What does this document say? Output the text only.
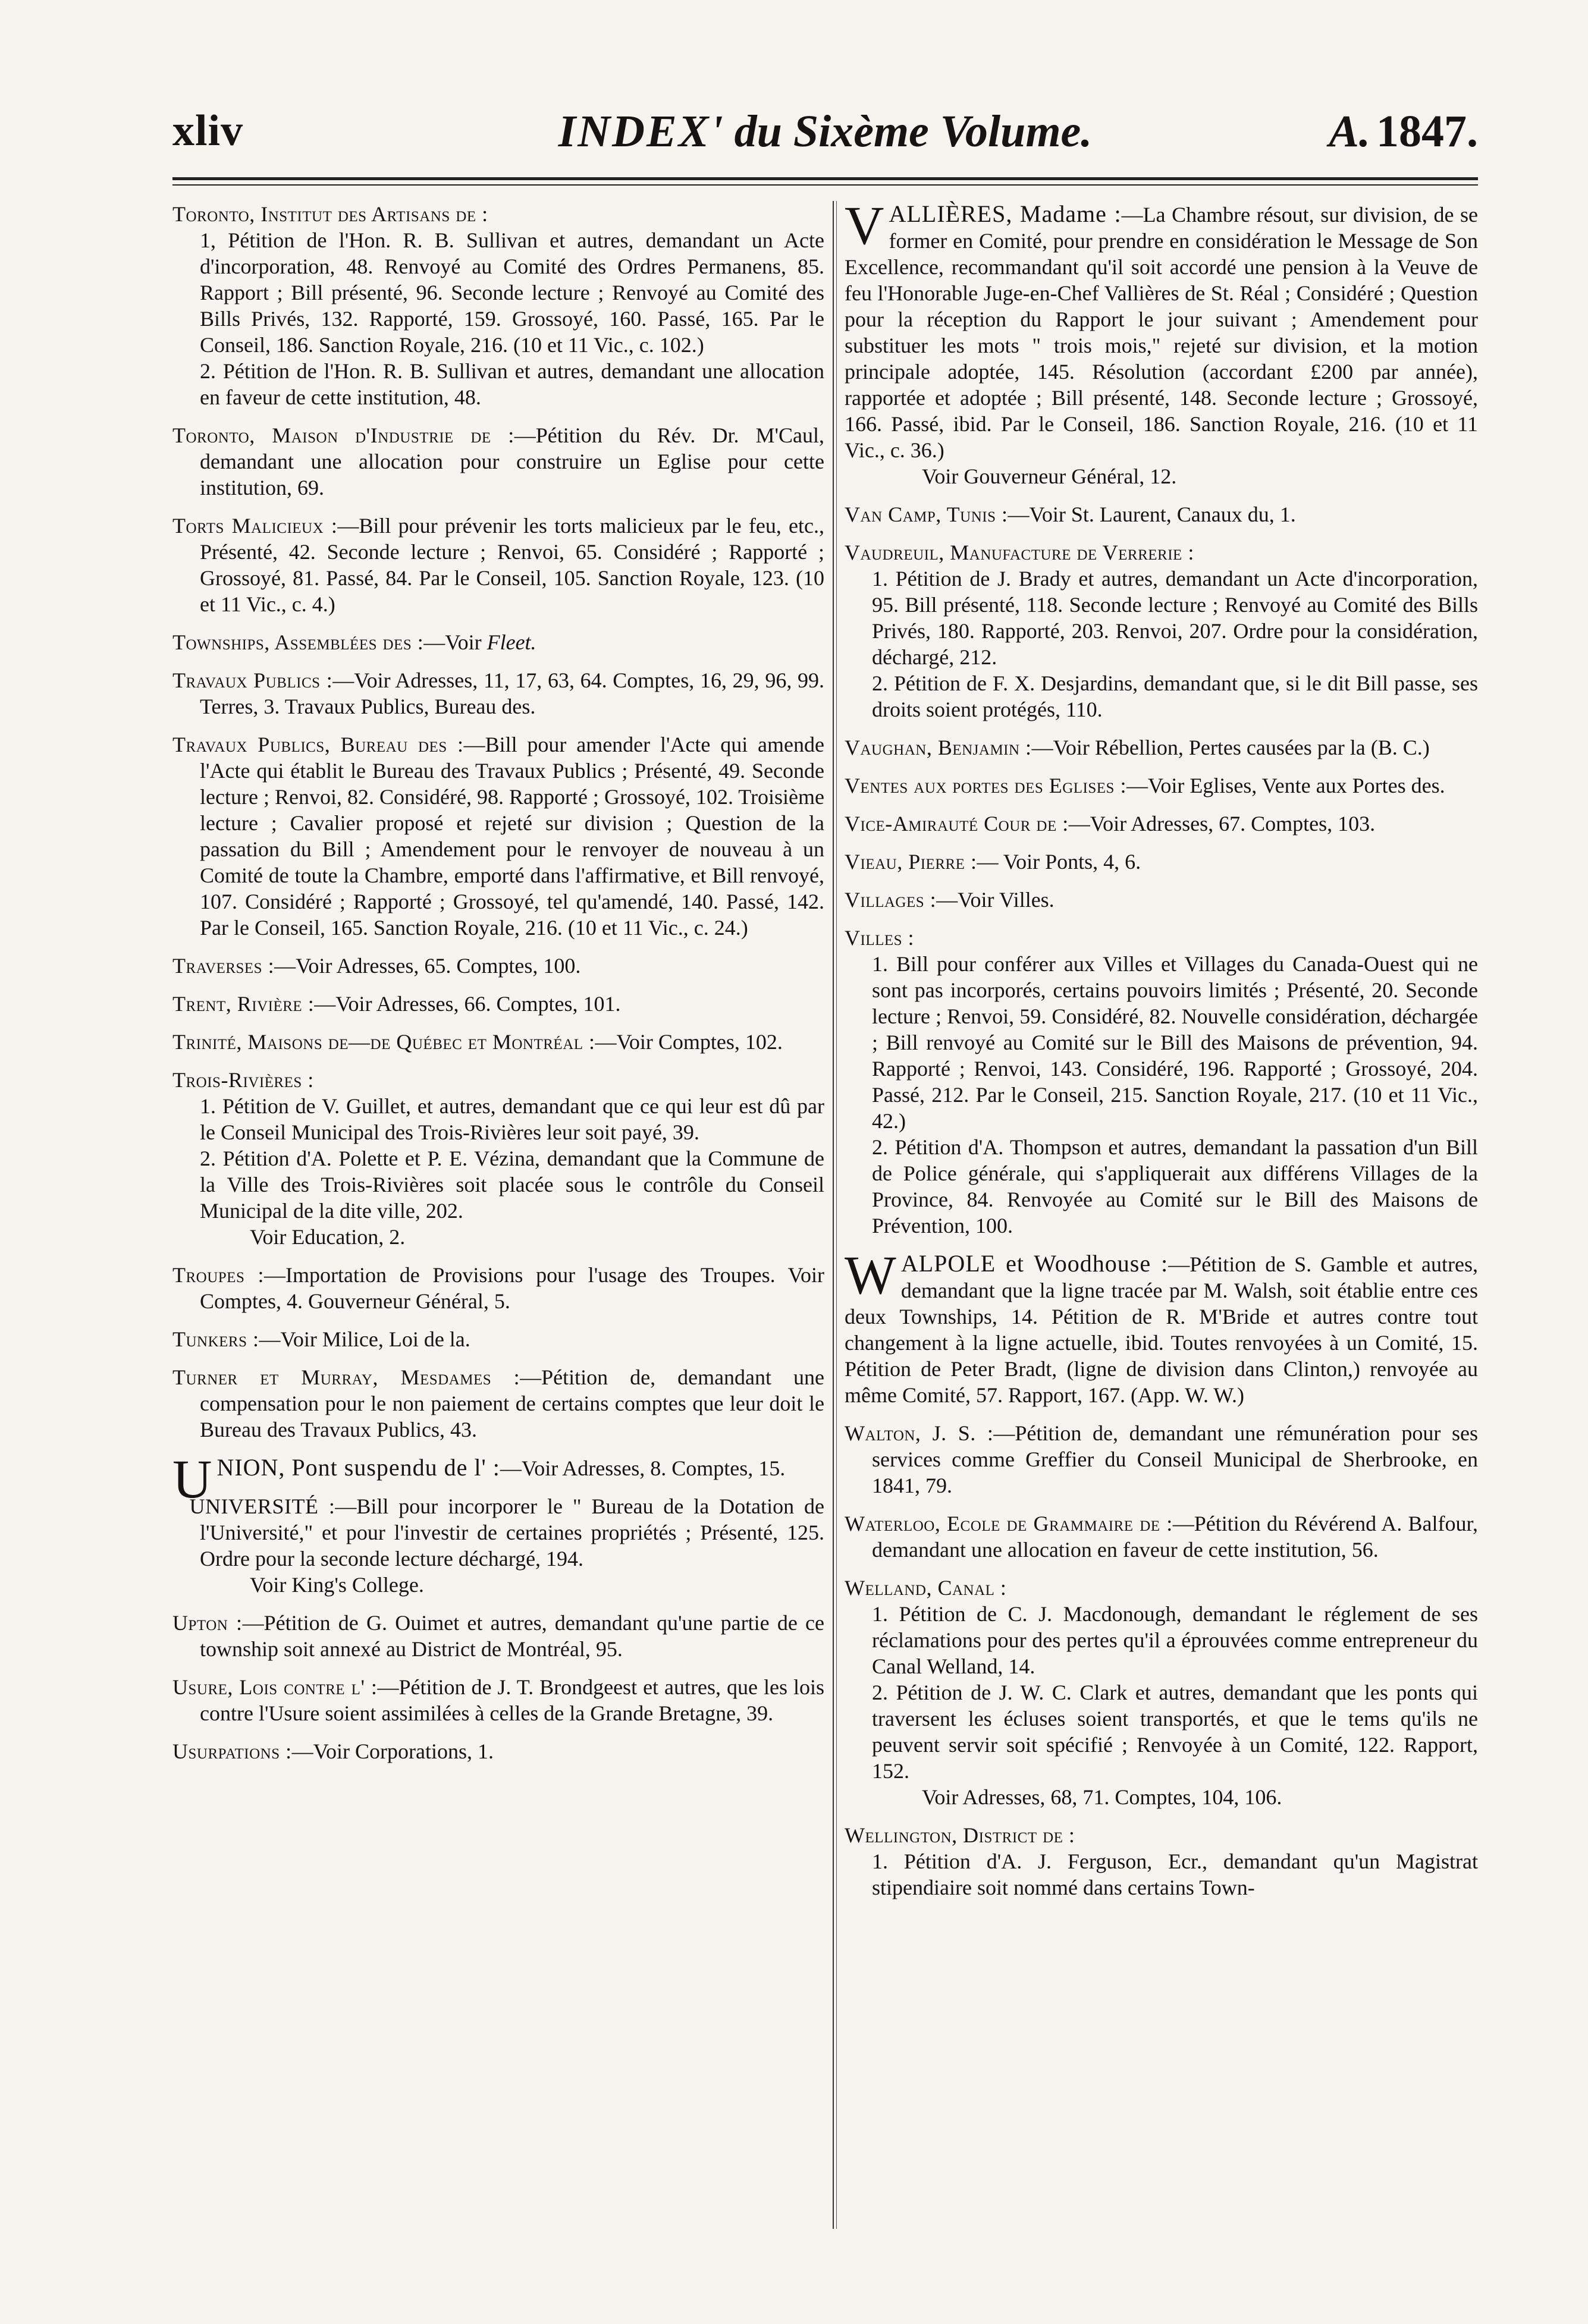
xliv	INDEX' du Sixème Volume.	A. 1847.

Toronto, Institut des Artisans de :

1, Pétition de l'Hon. R. B. Sullivan et autres, demandant un Acte d'incorporation, 48. Renvoyé au Comité des Ordres Permanens, 85. Rapport ; Bill présenté, 96. Seconde lecture ; Renvoyé au Comité des Bills Privés, 132. Rapporté, 159. Grossoyé, 160. Passé, 165. Par le Conseil, 186. Sanction Royale, 216. (10 et 11 Vic., c. 102.)

2. Pétition de l'Hon. R. B. Sullivan et autres, demandant une allocation en faveur de cette institution, 48.

Toronto, Maison d'Industrie de :—Pétition du Rév. Dr. M'Caul, demandant une allocation pour construire un Eglise pour cette institution, 69.

Torts Malicieux :—Bill pour prévenir les torts malicieux par le feu, etc., Présenté, 42. Seconde lecture ; Renvoi, 65. Considéré ; Rapporté ; Grossoyé, 81. Passé, 84. Par le Conseil, 105. Sanction Royale, 123. (10 et 11 Vic., c. 4.)

Townships, Assemblées des :—Voir Fleet.

Travaux Publics :—Voir Adresses, 11, 17, 63, 64. Comptes, 16, 29, 96, 99. Terres, 3. Travaux Publics, Bureau des.

Travaux Publics, Bureau des :—Bill pour amender l'Acte qui amende l'Acte qui établit le Bureau des Travaux Publics ; Présenté, 49. Seconde lecture ; Renvoi, 82. Considéré, 98. Rapporté ; Grossoyé, 102. Troisième lecture ; Cavalier proposé et rejeté sur division ; Question de la passation du Bill ; Amendement pour le renvoyer de nouveau à un Comité de toute la Chambre, emporté dans l'affirmative, et Bill renvoyé, 107. Considéré ; Rapporté ; Grossoyé, tel qu'amendé, 140. Passé, 142. Par le Conseil, 165. Sanction Royale, 216. (10 et 11 Vic., c. 24.)

Traverses :—Voir Adresses, 65. Comptes, 100.

Trent, Rivière :—Voir Adresses, 66. Comptes, 101.

Trinité, Maisons de—de Québec et Montréal :—Voir Comptes, 102.

Trois-Rivières :

1. Pétition de V. Guillet, et autres, demandant que ce qui leur est dû par le Conseil Municipal des Trois-Rivières leur soit payé, 39.

2. Pétition d'A. Polette et P. E. Vézina, demandant que la Commune de la Ville des Trois-Rivières soit placée sous le contrôle du Conseil Municipal de la dite ville, 202.

Voir Education, 2.

Troupes :—Importation de Provisions pour l'usage des Troupes. Voir Comptes, 4. Gouverneur Général, 5.

Tunkers :—Voir Milice, Loi de la.

Turner et Murray, Mesdames :—Pétition de, demandant une compensation pour le non paiement de certains comptes que leur doit le Bureau des Travaux Publics, 43.

UNION, Pont suspendu de l' :—Voir Adresses, 8. Comptes, 15.

UNIVERSITÉ :—Bill pour incorporer le " Bureau de la Dotation de l'Université," et pour l'investir de certaines propriétés ; Présenté, 125. Ordre pour la seconde lecture déchargé, 194.

Voir King's College.

Upton :—Pétition de G. Ouimet et autres, demandant qu'une partie de ce township soit annexé au District de Montréal, 95.

Usure, Lois contre l' :—Pétition de J. T. Brondgeest et autres, que les lois contre l'Usure soient assimilées à celles de la Grande Bretagne, 39.

Usurpations :—Voir Corporations, 1.

VALLIÈRES, Madame :—La Chambre résout, sur division, de se former en Comité, pour prendre en considération le Message de Son Excellence, recommandant qu'il soit accordé une pension à la Veuve de feu l'Honorable Juge-en-Chef Vallières de St. Réal ; Considéré ; Question pour la réception du Rapport le jour suivant ; Amendement pour substituer les mots " trois mois," rejeté sur division, et la motion principale adoptée, 145. Résolution (accordant £200 par année), rapportée et adoptée ; Bill présenté, 148. Seconde lecture ; Grossoyé, 166. Passé, ibid. Par le Conseil, 186. Sanction Royale, 216. (10 et 11 Vic., c. 36.)

Voir Gouverneur Général, 12.

Van Camp, Tunis :—Voir St. Laurent, Canaux du, 1.

Vaudreuil, Manufacture de Verrerie :

1. Pétition de J. Brady et autres, demandant un Acte d'incorporation, 95. Bill présenté, 118. Seconde lecture ; Renvoyé au Comité des Bills Privés, 180. Rapporté, 203. Renvoi, 207. Ordre pour la considération, déchargé, 212.

2. Pétition de F. X. Desjardins, demandant que, si le dit Bill passe, ses droits soient protégés, 110.

Vaughan, Benjamin :—Voir Rébellion, Pertes causées par la (B. C.)

Ventes aux portes des Eglises :—Voir Eglises, Vente aux Portes des.

Vice-Amirauté Cour de :—Voir Adresses, 67. Comptes, 103.

Vieau, Pierre :— Voir Ponts, 4, 6.

Villages :—Voir Villes.

Villes :

1. Bill pour conférer aux Villes et Villages du Canada-Ouest qui ne sont pas incorporés, certains pouvoirs limités ; Présenté, 20. Seconde lecture ; Renvoi, 59. Considéré, 82. Nouvelle considération, déchargée ; Bill renvoyé au Comité sur le Bill des Maisons de prévention, 94. Rapporté ; Renvoi, 143. Considéré, 196. Rapporté ; Grossoyé, 204. Passé, 212. Par le Conseil, 215. Sanction Royale, 217. (10 et 11 Vic., 42.)

2. Pétition d'A. Thompson et autres, demandant la passation d'un Bill de Police générale, qui s'appliquerait aux différens Villages de la Province, 84. Renvoyée au Comité sur le Bill des Maisons de Prévention, 100.

WALPOLE et Woodhouse :—Pétition de S. Gamble et autres, demandant que la ligne tracée par M. Walsh, soit établie entre ces deux Townships, 14. Pétition de R. M'Bride et autres contre tout changement à la ligne actuelle, ibid. Toutes renvoyées à un Comité, 15. Pétition de Peter Bradt, (ligne de division dans Clinton,) renvoyée au même Comité, 57. Rapport, 167. (App. W. W.)

Walton, J. S. :—Pétition de, demandant une rémunération pour ses services comme Greffier du Conseil Municipal de Sherbrooke, en 1841, 79.

Waterloo, Ecole de Grammaire de :—Pétition du Révérend A. Balfour, demandant une allocation en faveur de cette institution, 56.

Welland, Canal :

1. Pétition de C. J. Macdonough, demandant le réglement de ses réclamations pour des pertes qu'il a éprouvées comme entrepreneur du Canal Welland, 14.

2. Pétition de J. W. C. Clark et autres, demandant que les ponts qui traversent les écluses soient transportés, et que le tems qu'ils ne peuvent servir soit spécifié ; Renvoyée à un Comité, 122. Rapport, 152.

Voir Adresses, 68, 71. Comptes, 104, 106.

Wellington, District de :

1. Pétition d'A. J. Ferguson, Ecr., demandant qu'un Magistrat stipendiaire soit nommé dans certains Town-
